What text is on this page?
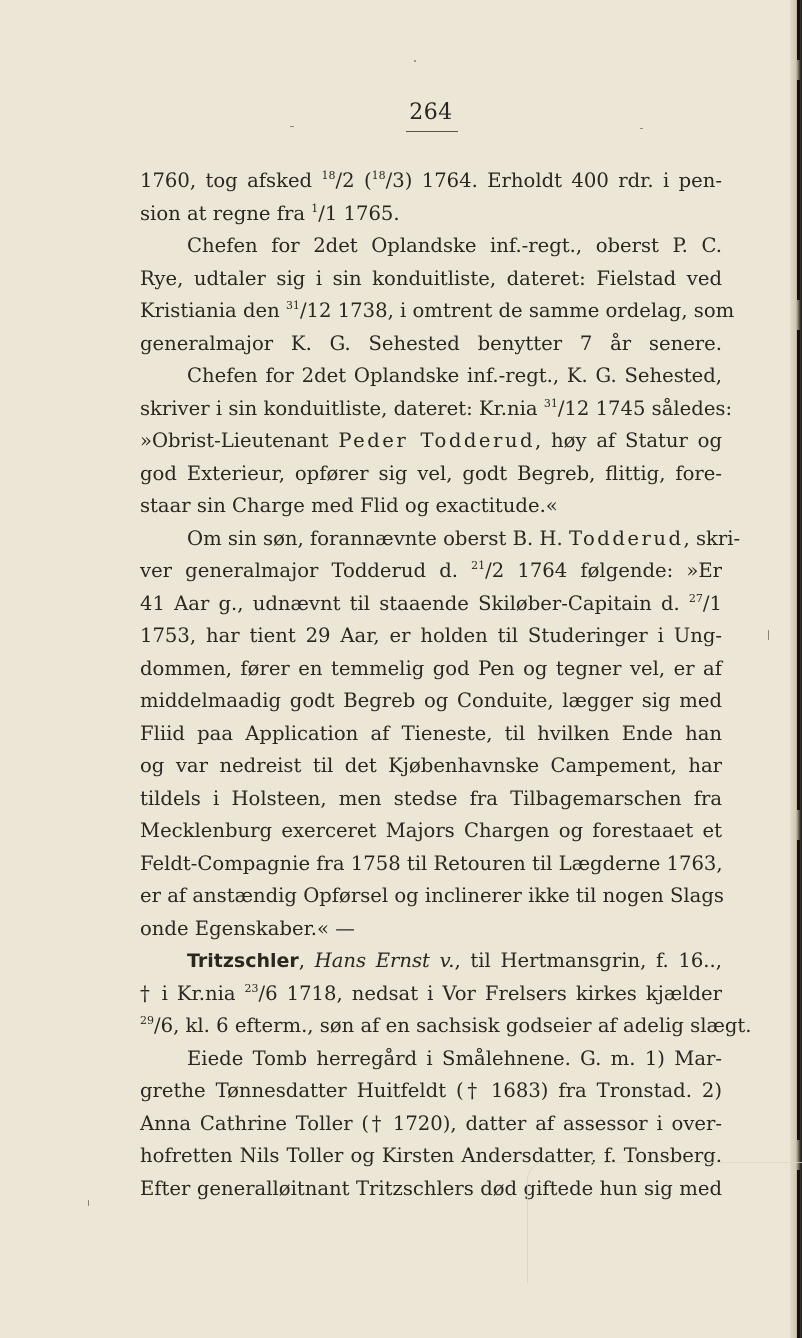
264
1760, tog afsked $^{18}$/2 ($^{18}$/3) 1764. Erholdt 400 rdr. i pen-
sion at regne fra $^1$/1 1765.
Chefen for 2det Oplandske inf.-regt., oberst P. C.
Rye, udtaler sig i sin konduitliste, dateret: Fielstad ved
Kristiania den $^{31}$/12 1738, i omtrent de samme ordelag, som
generalmajor K. G. Sehested benytter 7 år senere.
Chefen for 2det Oplandske inf.-regt., K. G. Sehested,
skriver i sin konduitliste, dateret: Kr.nia $^{31}$/12 1745 således:
»Obrist-Lieutenant Peder Todderud, høy af Statur og
god Exterieur, opfører sig vel, godt Begreb, flittig, fore-
staar sin Charge med Flid og exactitude.«
Om sin søn, forannævnte oberst B. H. Todderud, skri-
ver generalmajor Todderud d. $^{21}$/2 1764 følgende: »Er
41 Aar g., udnævnt til staaende Skiløber-Capitain d. $^{27}$/1
1753, har tient 29 Aar, er holden til Studeringer i Ung-
dommen, fører en temmelig god Pen og tegner vel, er af
middelmaadig godt Begreb og Conduite, lægger sig med
Fliid paa Application af Tieneste, til hvilken Ende han
og var nedreist til det Kjøbenhavnske Campement, har
tildels i Holsteen, men stedse fra Tilbagemarschen fra
Mecklenburg exerceret Majors Chargen og forestaaet et
Feldt-Compagnie fra 1758 til Retouren til Lægderne 1763,
er af anstændig Opførsel og inclinerer ikke til nogen Slags
onde Egenskaber.« —
Tritzschler, Hans Ernst v., til Hertmansgrin, f. 16..,
† i Kr.nia $^{23}$/6 1718, nedsat i Vor Frelsers kirkes kjælder
$^{29}$/6, kl. 6 efterm., søn af en sachsisk godseier af adelig slægt.
Eiede Tomb herregård i Smålehnene. G. m. 1) Mar-
grethe Tønnesdatter Huitfeldt († 1683) fra Tronstad. 2)
Anna Cathrine Toller († 1720), datter af assessor i over-
hofretten Nils Toller og Kirsten Andersdatter, f. Tonsberg.
Efter generalløitnant Tritzschlers død giftede hun sig med
